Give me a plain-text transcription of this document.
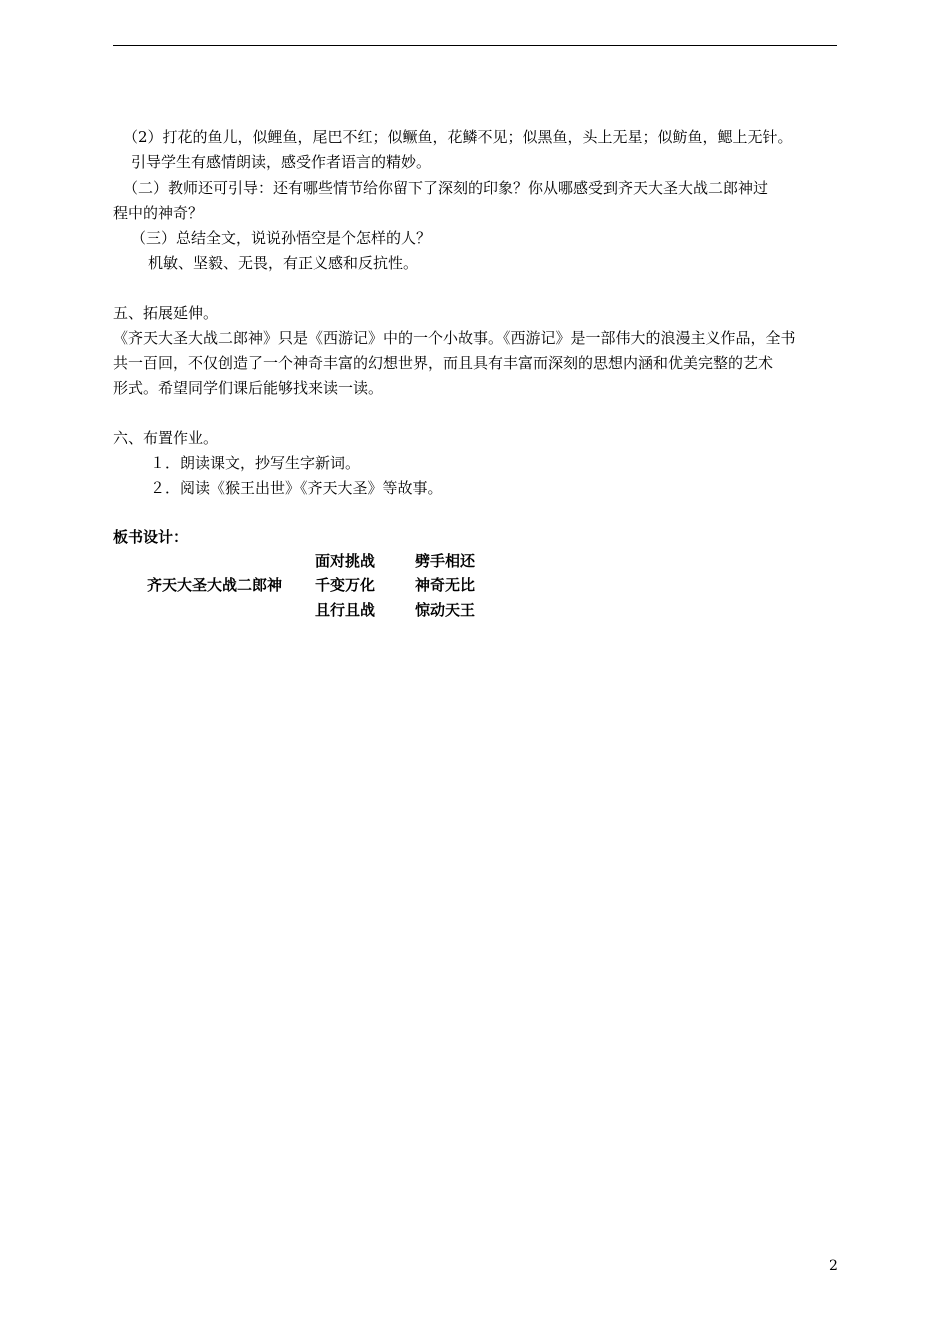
（2）打花的鱼儿，似鲤鱼，尾巴不红；似鳜鱼，花鳞不见；似黑鱼，头上无星；似鲂鱼，鳃上无针。
引导学生有感情朗读，感受作者语言的精妙。
（二）教师还可引导：还有哪些情节给你留下了深刻的印象？你从哪感受到齐天大圣大战二郎神过
程中的神奇？
（三）总结全文，说说孙悟空是个怎样的人？
机敏、坚毅、无畏，有正义感和反抗性。
五、拓展延伸。
《齐天大圣大战二郎神》只是《西游记》中的一个小故事。《西游记》是一部伟大的浪漫主义作品，全书
共一百回，不仅创造了一个神奇丰富的幻想世界，而且具有丰富而深刻的思想内涵和优美完整的艺术
形式。希望同学们课后能够找来读一读。
六、布置作业。
１．朗读课文，抄写生字新词。
２．阅读《猴王出世》《齐天大圣》等故事。
板书设计：
齐天大圣大战二郎神
面对挑战
千变万化
且行且战
劈手相还
神奇无比
惊动天王
2
